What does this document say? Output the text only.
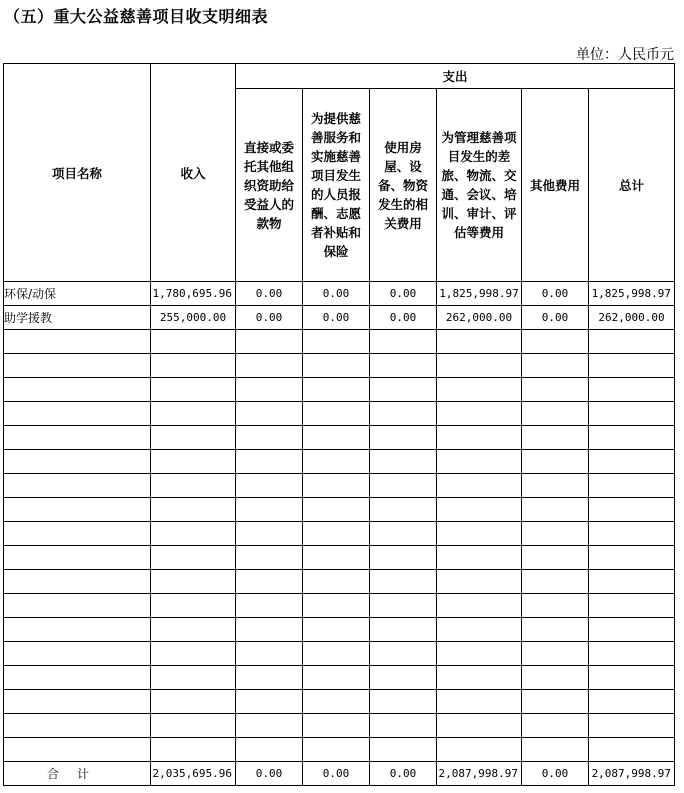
（五）重大公益慈善项目收支明细表
单位：人民币元
项目名称	收入	支出					

		直接或委托其他组织资助给受益人的款物	为提供慈善服务和实施慈善项目发生的人员报酬、志愿者补贴和保险	使用房屋、设备、物资发生的相关费用	为管理慈善项目发生的差旅、物流、交通、会议、培训、审计、评估等费用	其他费用	总计

环保/动保	1,780,695.96	0.00	0.00	0.00	1,825,998.97	0.00	1,825,998.97
助学援教	255,000.00	0.00	0.00	0.00	262,000.00	0.00	262,000.00

合计	2,035,695.96	0.00	0.00	0.00	2,087,998.97	0.00	2,087,998.97
